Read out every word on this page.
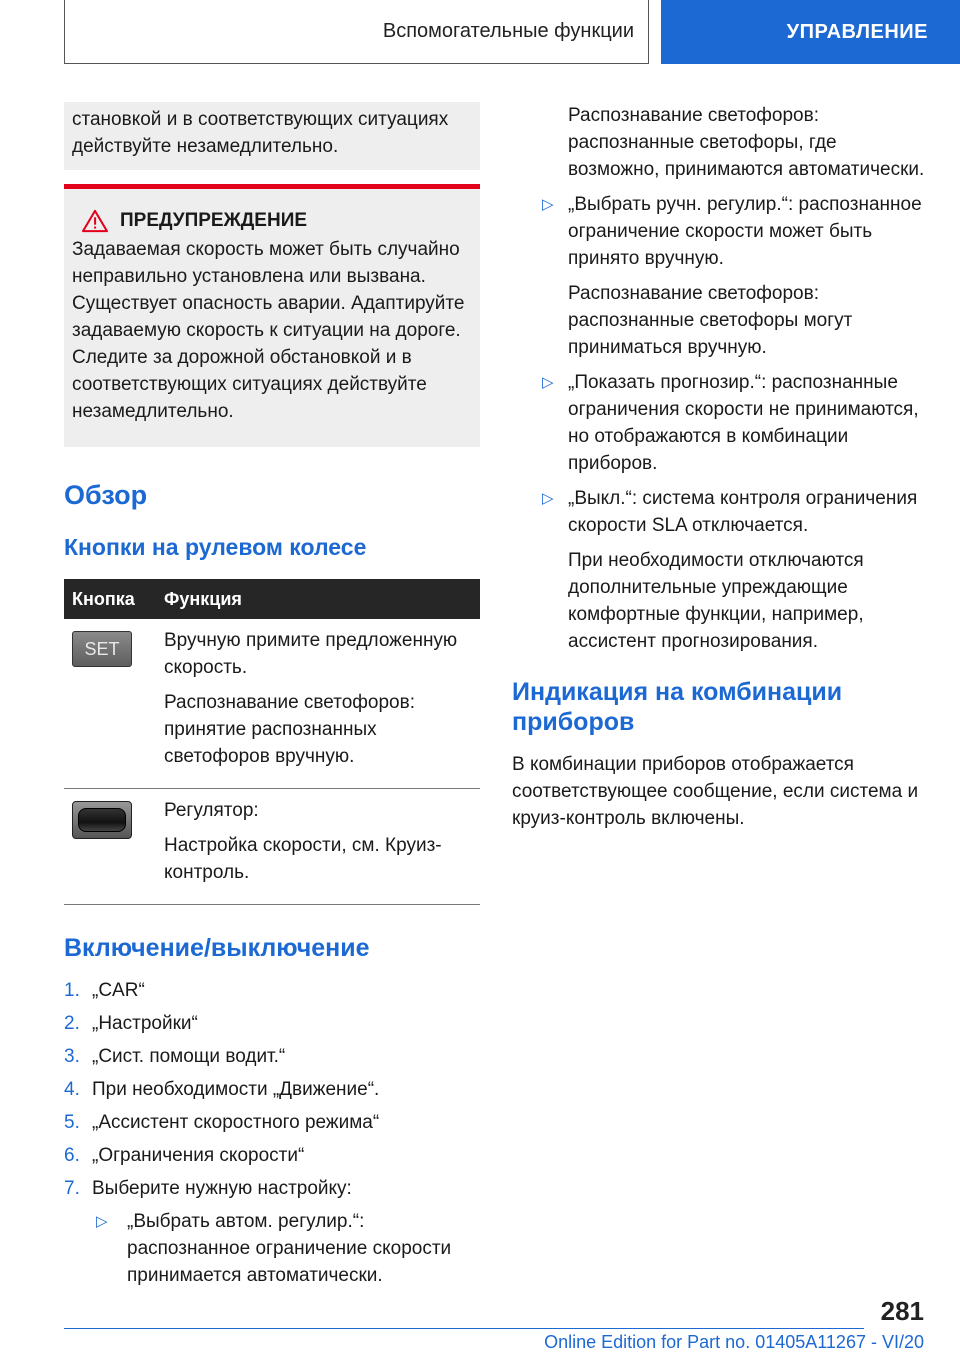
Вспомогательные функции	УПРАВЛЕНИЕ
становкой и в соответствующих ситуациях
действуйте незамедлительно.
ПРЕДУПРЕЖДЕНИЕ
Задаваемая скорость может быть случайно неправильно установлена или вызвана. Существует опасность аварии. Адаптируйте задаваемую скорость к ситуации на дороге. Следите за дорожной обстановкой и в соответствующих ситуациях действуйте незамедлительно.
Обзор
Кнопки на рулевом колесе
Кнопка	Функция

SET	Вручную примите предложенную скорость.
Распознавание светофоров: принятие распознанных светофоров вручную.

	Регулятор:
Настройка скорости, см. Круиз-контроль.
Включение/выключение
1. „CAR“
2. „Настройки“
3. „Сист. помощи водит.“
4. При необходимости „Движение“.
5. „Ассистент скоростного режима“
6. „Ограничения скорости“
7. Выберите нужную настройку:
▷	„Выбрать автом. регулир.“: распознанное ограничение скорости принимается автоматически.
Распознавание светофоров: распознанные светофоры, где возможно, принимаются автоматически.
▷ „Выбрать ручн. регулир.“: распознанное ограничение скорости может быть принято вручную.
Распознавание светофоров: распознанные светофоры могут приниматься вручную.
▷ „Показать прогнозир.“: распознанные ограничения скорости не принимаются, но отображаются в комбинации приборов.
▷ „Выкл.“: система контроля ограничения скорости SLA отключается.
При необходимости отключаются дополнительные упреждающие комфортные функции, например, ассистент прогнозирования.
Индикация на комбинации приборов
В комбинации приборов отображается соответствующее сообщение, если система и круиз-контроль включены.
281
Online Edition for Part no. 01405A11267 - VI/20
